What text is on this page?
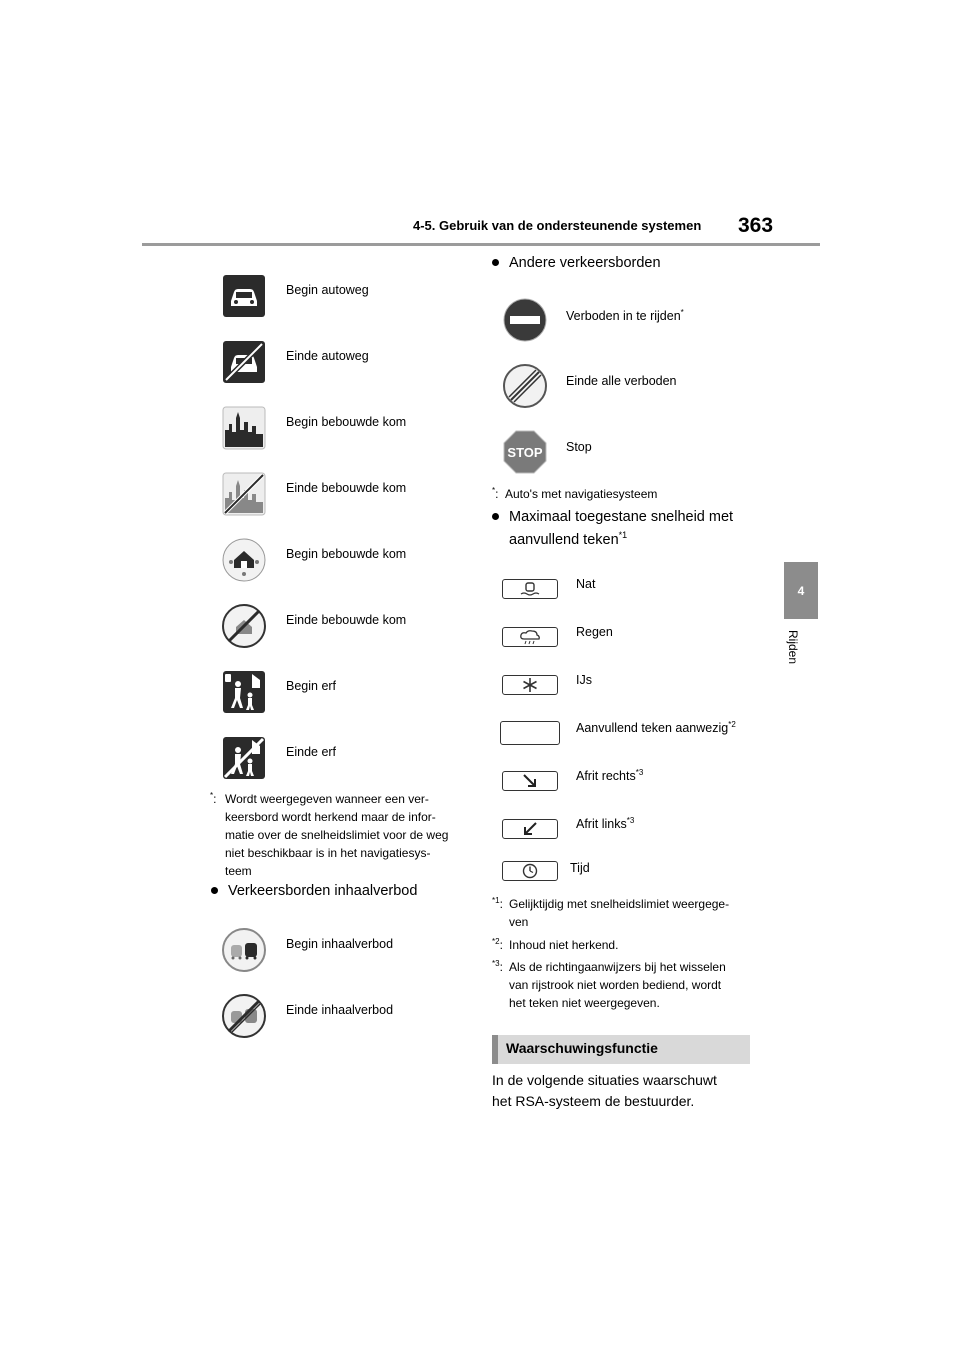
4-5. Gebruik van de ondersteunende systemen 363
4
Rijden
Begin autoweg
Einde autoweg
Begin bebouwde kom
Einde bebouwde kom
Begin bebouwde kom
Einde bebouwde kom
Begin erf
Einde erf
*: Wordt weergegeven wanneer een ver-
keersbord wordt herkend maar de infor-
matie over de snelheidslimiet voor de weg
niet beschikbaar is in het navigatiesys-
teem
Verkeersborden inhaalverbod
Begin inhaalverbod
Einde inhaalverbod
Andere verkeersborden
Verboden in te rijden*
Einde alle verboden
STOP Stop
*: Auto's met navigatiesysteem
Maximaal toegestane snelheid met
aanvullend teken$^{*1}$
Nat
Regen
IJs
Aanvullend teken aanwezig$^{*2}$
Afrit rechts$^{*3}$
Afrit links$^{*3}$
Tijd
$^{*1}$: Gelijktijdig met snelheidslimiet weergege-
ven
$^{*2}$: Inhoud niet herkend.
$^{*3}$: Als de richtingaanwijzers bij het wisselen
van rijstrook niet worden bediend, wordt
het teken niet weergegeven.
Waarschuwingsfunctie
In de volgende situaties waarschuwt
het RSA-systeem de bestuurder.
